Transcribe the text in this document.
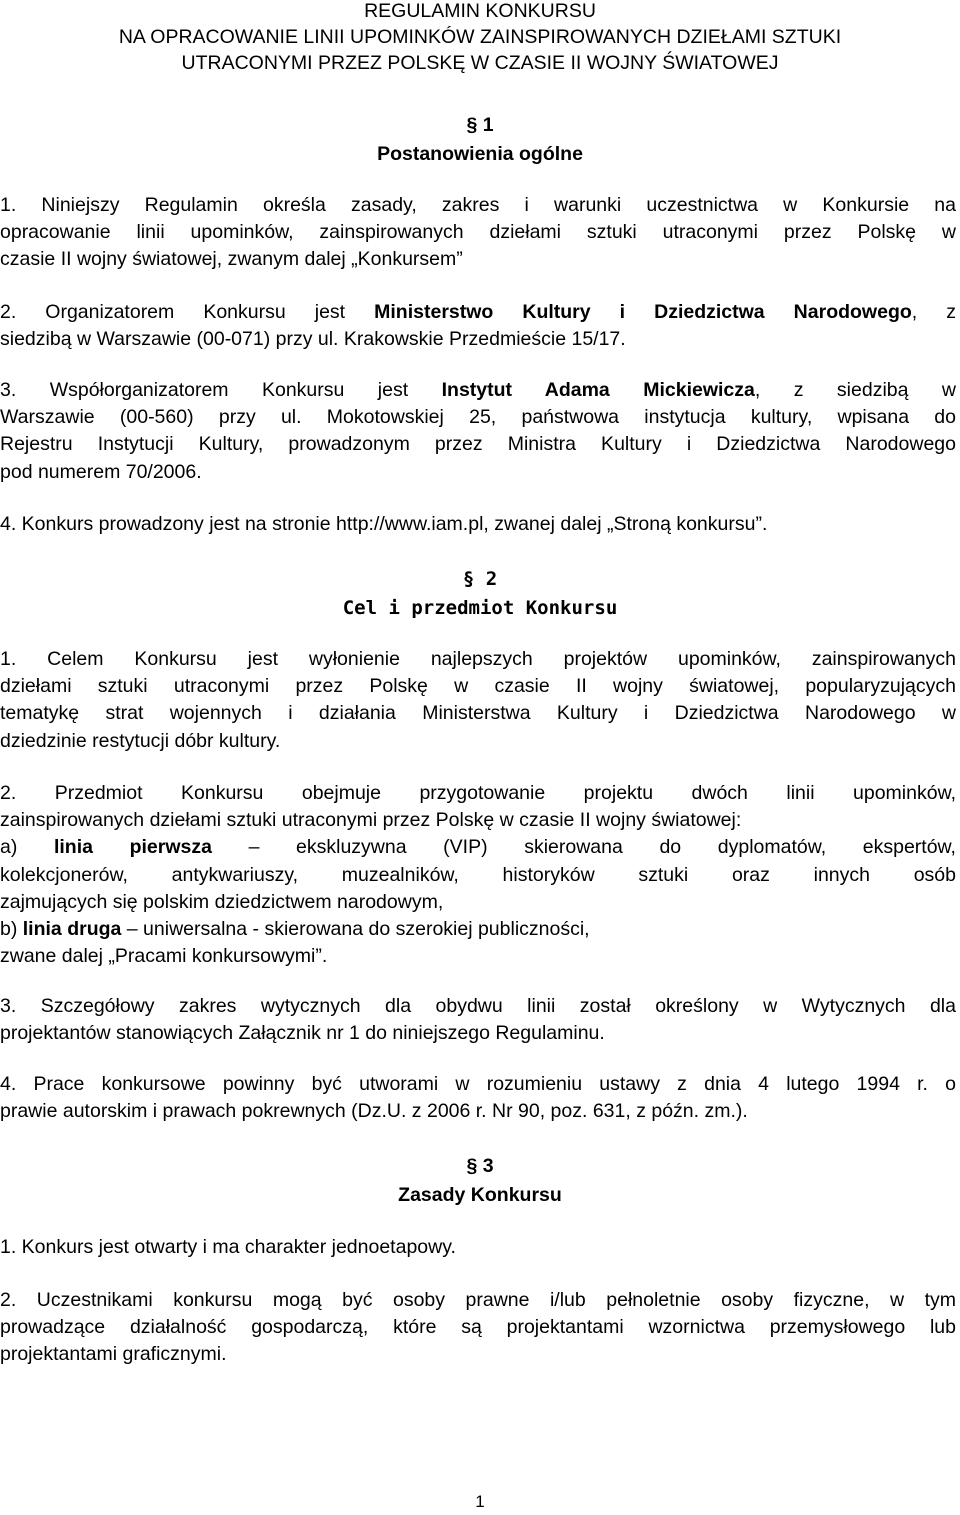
REGULAMIN KONKURSU
NA OPRACOWANIE LINII UPOMINKÓW ZAINSPIROWANYCH DZIEŁAMI SZTUKI
UTRACONYMI PRZEZ POLSKĘ W CZASIE II WOJNY ŚWIATOWEJ
§ 1
Postanowienia ogólne
1. Niniejszy Regulamin określa zasady, zakres i warunki uczestnictwa w Konkursie na
opracowanie linii upominków, zainspirowanych dziełami sztuki utraconymi przez Polskę w
czasie II wojny światowej, zwanym dalej „Konkursem”
2. Organizatorem Konkursu jest Ministerstwo Kultury i Dziedzictwa Narodowego, z
siedzibą w Warszawie (00-071) przy ul. Krakowskie Przedmieście 15/17.
3. Współorganizatorem Konkursu jest Instytut Adama Mickiewicza, z siedzibą w
Warszawie (00-560) przy ul. Mokotowskiej 25, państwowa instytucja kultury, wpisana do
Rejestru Instytucji Kultury, prowadzonym przez Ministra Kultury i Dziedzictwa Narodowego
pod numerem 70/2006.
4. Konkurs prowadzony jest na stronie http://www.iam.pl, zwanej dalej „Stroną konkursu”.
§ 2
Cel i przedmiot Konkursu
1. Celem Konkursu jest wyłonienie najlepszych projektów upominków, zainspirowanych
dziełami sztuki utraconymi przez Polskę w czasie II wojny światowej, popularyzujących
tematykę strat wojennych i działania Ministerstwa Kultury i Dziedzictwa Narodowego w
dziedzinie restytucji dóbr kultury.
2. Przedmiot Konkursu obejmuje przygotowanie projektu dwóch linii upominków,
zainspirowanych dziełami sztuki utraconymi przez Polskę w czasie II wojny światowej:
a) linia pierwsza – ekskluzywna (VIP) skierowana do dyplomatów, ekspertów,
kolekcjonerów, antykwariuszy, muzealników, historyków sztuki oraz innych osób
zajmujących się polskim dziedzictwem narodowym,
b) linia druga – uniwersalna - skierowana do szerokiej publiczności,
zwane dalej „Pracami konkursowymi”.
3. Szczegółowy zakres wytycznych dla obydwu linii został określony w Wytycznych dla
projektantów stanowiących Załącznik nr 1 do niniejszego Regulaminu.
4. Prace konkursowe powinny być utworami w rozumieniu ustawy z dnia 4 lutego 1994 r. o
prawie autorskim i prawach pokrewnych (Dz.U. z 2006 r. Nr 90, poz. 631, z późn. zm.).
§ 3
Zasady Konkursu
1. Konkurs jest otwarty i ma charakter jednoetapowy.
2. Uczestnikami konkursu mogą być osoby prawne i/lub pełnoletnie osoby fizyczne, w tym
prowadzące działalność gospodarczą, które są projektantami wzornictwa przemysłowego lub
projektantami graficznymi.
1
